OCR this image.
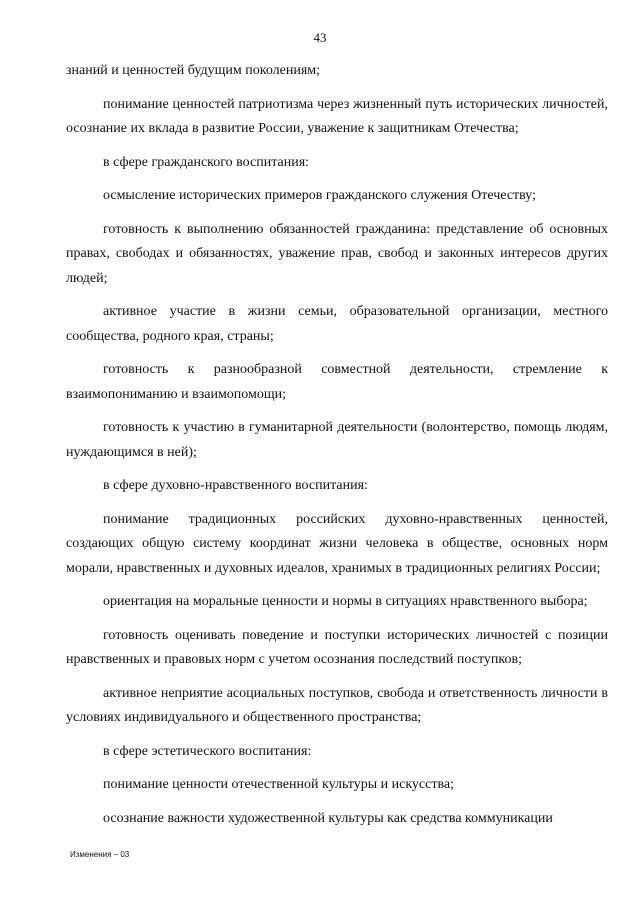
43

знаний и ценностей будущим поколениям;

понимание ценностей патриотизма через жизненный путь исторических личностей, осознание их вклада в развитие России, уважение к защитникам Отечества;

в сфере гражданского воспитания:

осмысление исторических примеров гражданского служения Отечеству;

готовность к выполнению обязанностей гражданина: представление об основных правах, свободах и обязанностях, уважение прав, свобод и законных интересов других людей;

активное участие в жизни семьи, образовательной организации, местного сообщества, родного края, страны;

готовность к разнообразной совместной деятельности, стремление к взаимопониманию и взаимопомощи;

готовность к участию в гуманитарной деятельности (волонтерство, помощь людям, нуждающимся в ней);

в сфере духовно-нравственного воспитания:

понимание традиционных российских духовно-нравственных ценностей, создающих общую систему координат жизни человека в обществе, основных норм морали, нравственных и духовных идеалов, хранимых в традиционных религиях России;

ориентация на моральные ценности и нормы в ситуациях нравственного выбора;

готовность оценивать поведение и поступки исторических личностей с позиции нравственных и правовых норм с учетом осознания последствий поступков;

активное неприятие асоциальных поступков, свобода и ответственность личности в условиях индивидуального и общественного пространства;

в сфере эстетического воспитания:

понимание ценности отечественной культуры и искусства;

осознание важности художественной культуры как средства коммуникации

Изменения – 03
